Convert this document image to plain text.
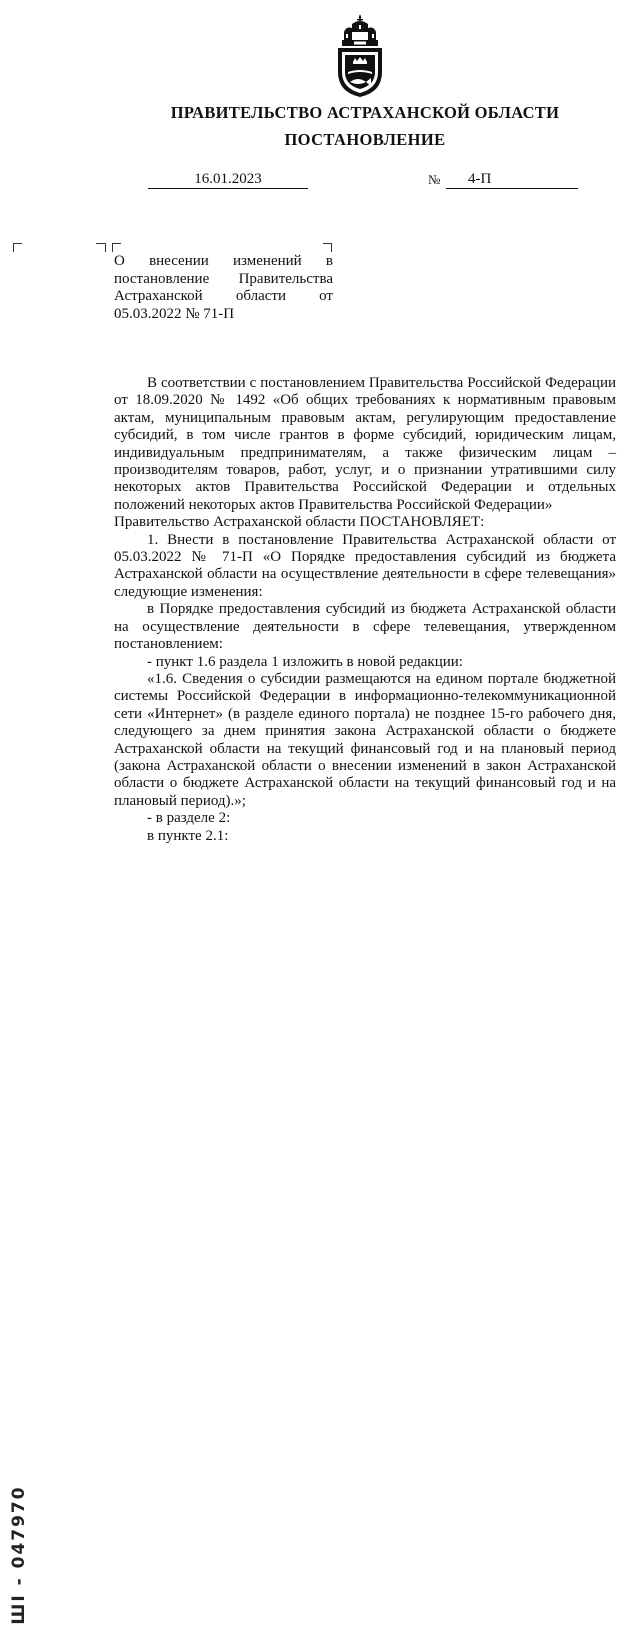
ПРАВИТЕЛЬСТВО АСТРАХАНСКОЙ ОБЛАСТИ
ПОСТАНОВЛЕНИЕ
16.01.2023	№	4-П
О внесении изменений в постановление Правительства Астраханской области от 05.03.2022 № 71-П

В соответствии с постановлением Правительства Российской Федерации от 18.09.2020 № 1492 «Об общих требованиях к нормативным правовым актам, муниципальным правовым актам, регулирующим предоставление субсидий, в том числе грантов в форме субсидий, юридическим лицам, индивидуальным предпринимателям, а также физическим лицам – производителям товаров, работ, услуг, и о признании утратившими силу некоторых актов Правительства Российской Федерации и отдельных положений некоторых актов Правительства Российской Федерации»

Правительство Астраханской области ПОСТАНОВЛЯЕТ:

1. Внести в постановление Правительства Астраханской области от 05.03.2022 № 71-П «О Порядке предоставления субсидий из бюджета Астраханской области на осуществление деятельности в сфере телевещания» следующие изменения:

в Порядке предоставления субсидий из бюджета Астраханской области на осуществление деятельности в сфере телевещания, утвержденном постановлением:

- пункт 1.6 раздела 1 изложить в новой редакции:

«1.6. Сведения о субсидии размещаются на едином портале бюджетной системы Российской Федерации в информационно-телекоммуникационной сети «Интернет» (в разделе единого портала) не позднее 15-го рабочего дня, следующего за днем принятия закона Астраханской области о бюджете Астраханской области на текущий финансовый год и на плановый период (закона Астраханской области о внесении изменений в закон Астраханской области о бюджете Астраханской области на текущий финансовый год и на плановый период).»;

- в разделе 2:

в пункте 2.1:

ШІ - 047970
